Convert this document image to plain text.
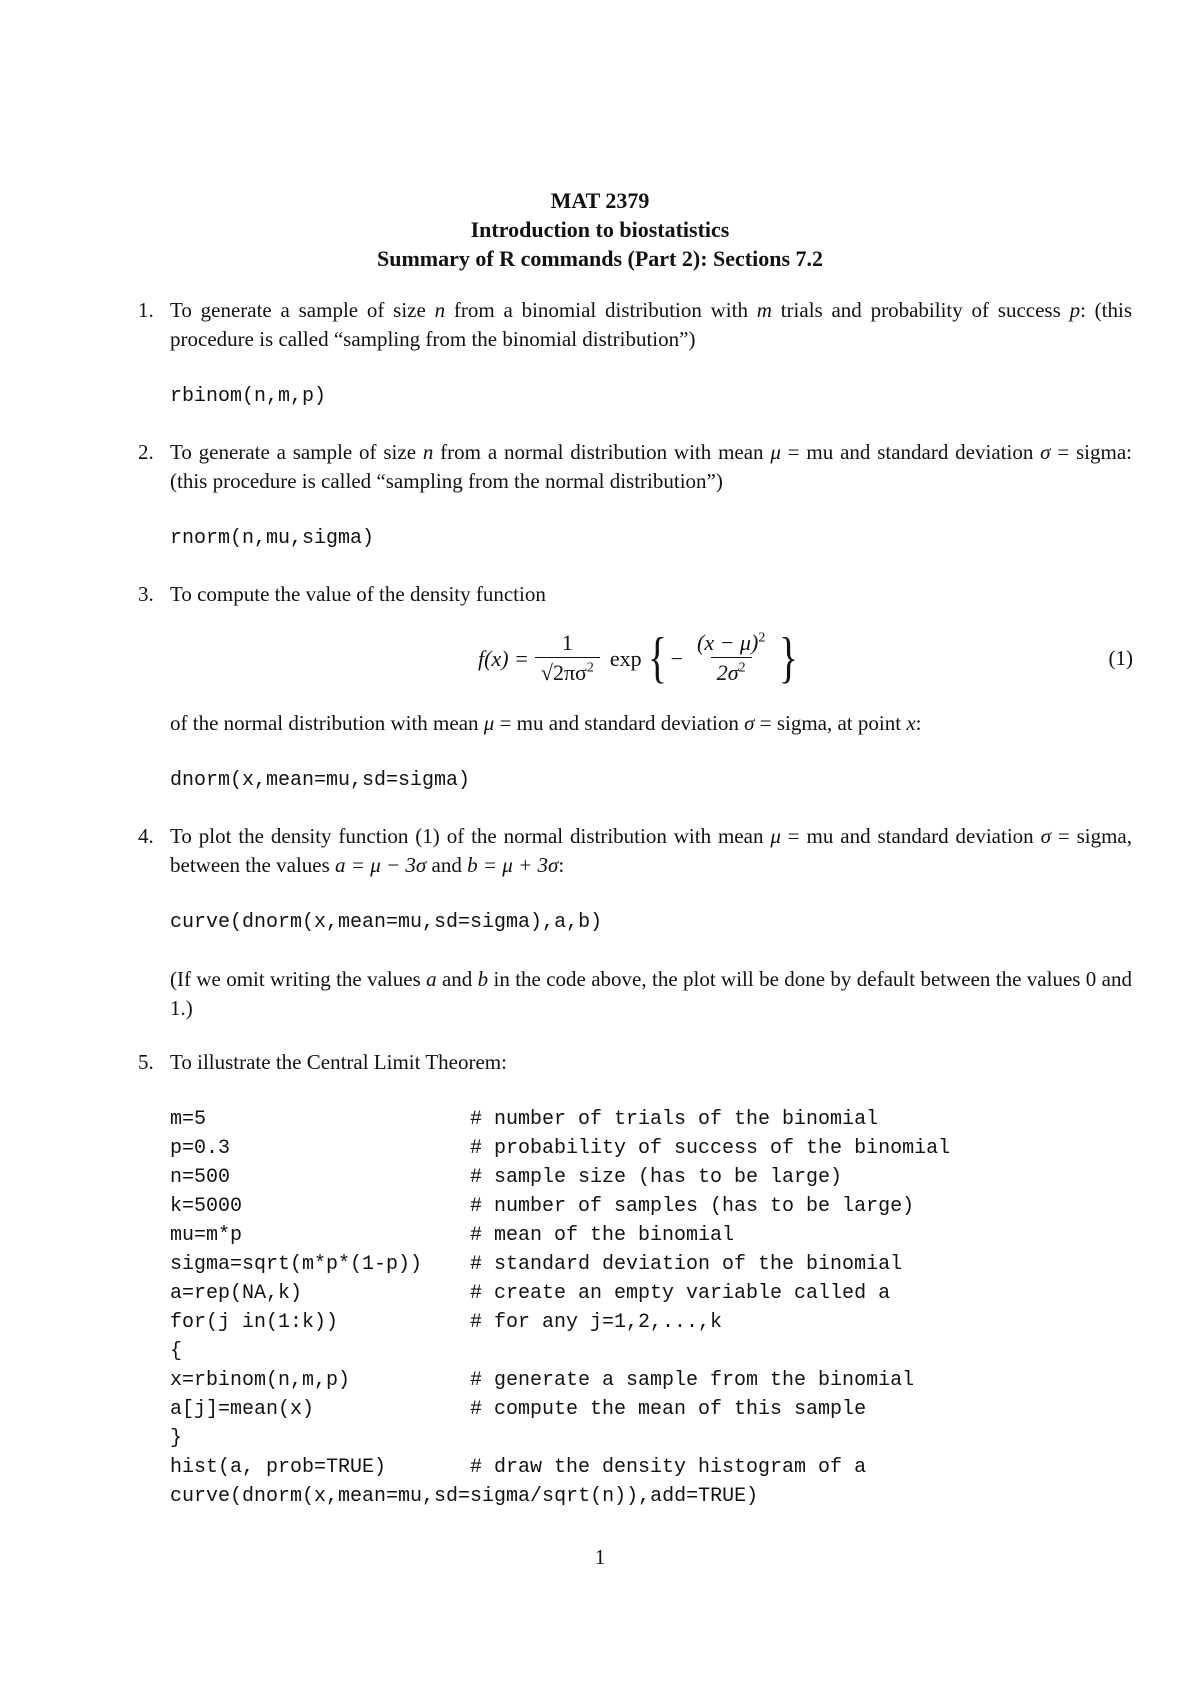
MAT 2379
Introduction to biostatistics
Summary of R commands (Part 2): Sections 7.2
1. To generate a sample of size n from a binomial distribution with m trials and probability of success p: (this procedure is called “sampling from the binomial distribution”)

rbinom(n,m,p)

2. To generate a sample of size n from a normal distribution with mean μ = mu and standard deviation σ = sigma: (this procedure is called “sampling from the normal distribution”)

rnorm(n,mu,sigma)

3. To compute the value of the density function

$f(x) = \frac{1}{√2\pi\sigma^2}$ exp { − $\frac{(x - \mu)^2}{2\sigma^2}$ }	(1)

of the normal distribution with mean μ = mu and standard deviation σ = sigma, at point x:

dnorm(x,mean=mu,sd=sigma)

4. To plot the density function (1) of the normal distribution with mean μ = mu and standard deviation σ = sigma, between the values a = μ − 3σ and b = μ + 3σ:

curve(dnorm(x,mean=mu,sd=sigma),a,b)

(If we omit writing the values a and b in the code above, the plot will be done by default between the values 0 and 1.)

5. To illustrate the Central Limit Theorem:

m=5	# number of trials of the binomial
p=0.3	# probability of success of the binomial
n=500	# sample size (has to be large)
k=5000	# number of samples (has to be large)
mu=m*p	# mean of the binomial
sigma=sqrt(m*p*(1-p)) # standard deviation of the binomial
a=rep(NA,k)	# create an empty variable called a
for(j in(1:k))	# for any j=1,2,...,k
{
x=rbinom(n,m,p)	# generate a sample from the binomial
a[j]=mean(x)	# compute the mean of this sample
}
hist(a, prob=TRUE)	# draw the density histogram of a
curve(dnorm(x,mean=mu,sd=sigma/sqrt(n)),add=TRUE)
1
